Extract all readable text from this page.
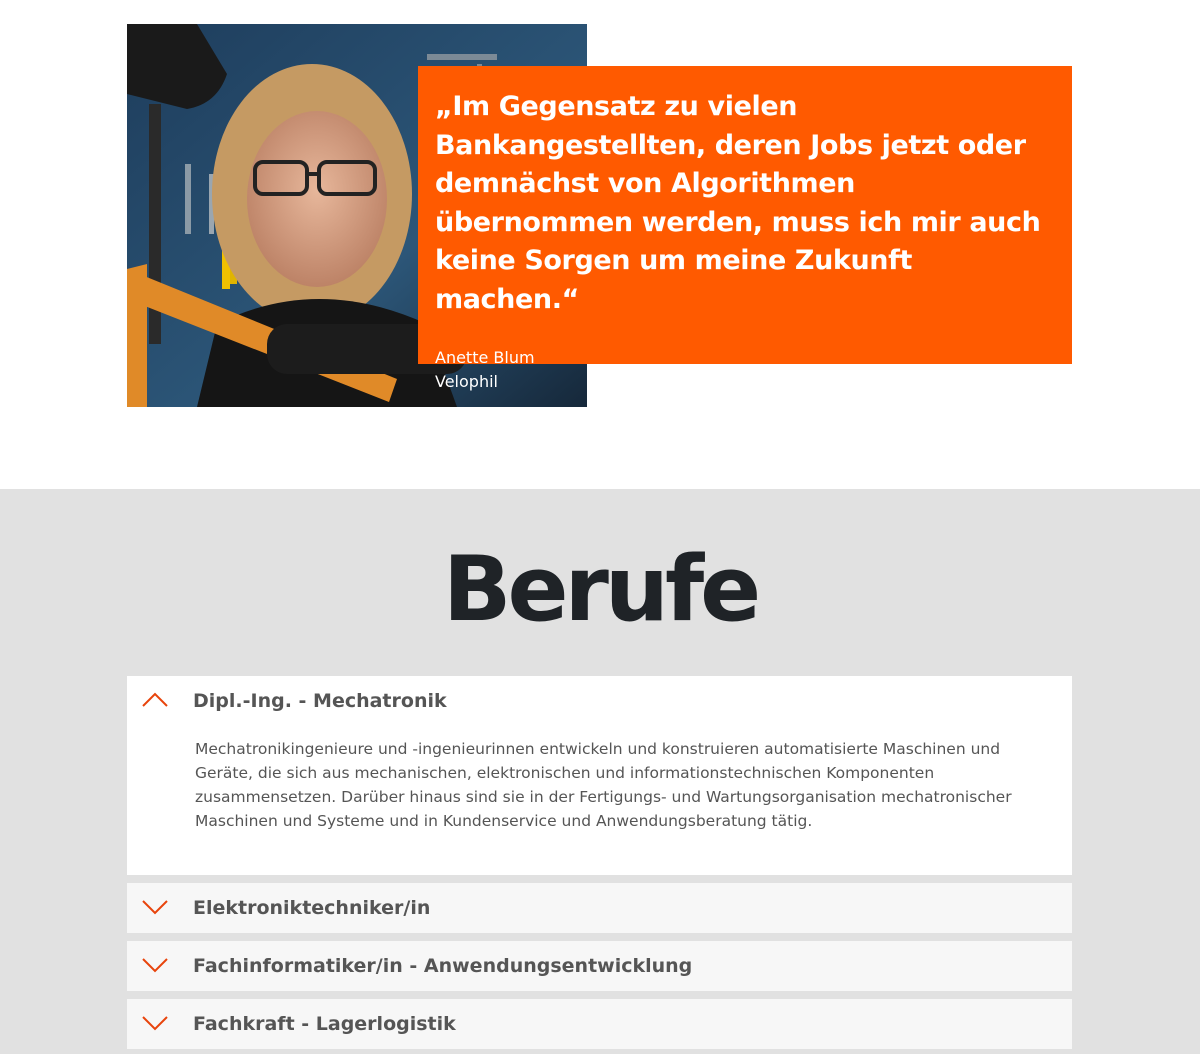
„Im Gegensatz zu vielen Bankangestellten, deren Jobs jetzt oder demnächst von Algorithmen übernommen werden, muss ich mir auch keine Sorgen um meine Zukunft machen.“

Anette Blum
Velophil
Berufe
Dipl.-Ing. - Mechatronik

Mechatronikingenieure und -ingenieurinnen entwickeln und konstruieren automatisierte Maschinen und Geräte, die sich aus mechanischen, elektronischen und informationstechnischen Komponenten zusammensetzen. Darüber hinaus sind sie in der Fertigungs- und Wartungsorganisation mechatronischer Maschinen und Systeme und in Kundenservice und Anwendungsberatung tätig.

Elektroniktechniker/in
Fachinformatiker/in - Anwendungsentwicklung
Fachkraft - Lagerlogistik
